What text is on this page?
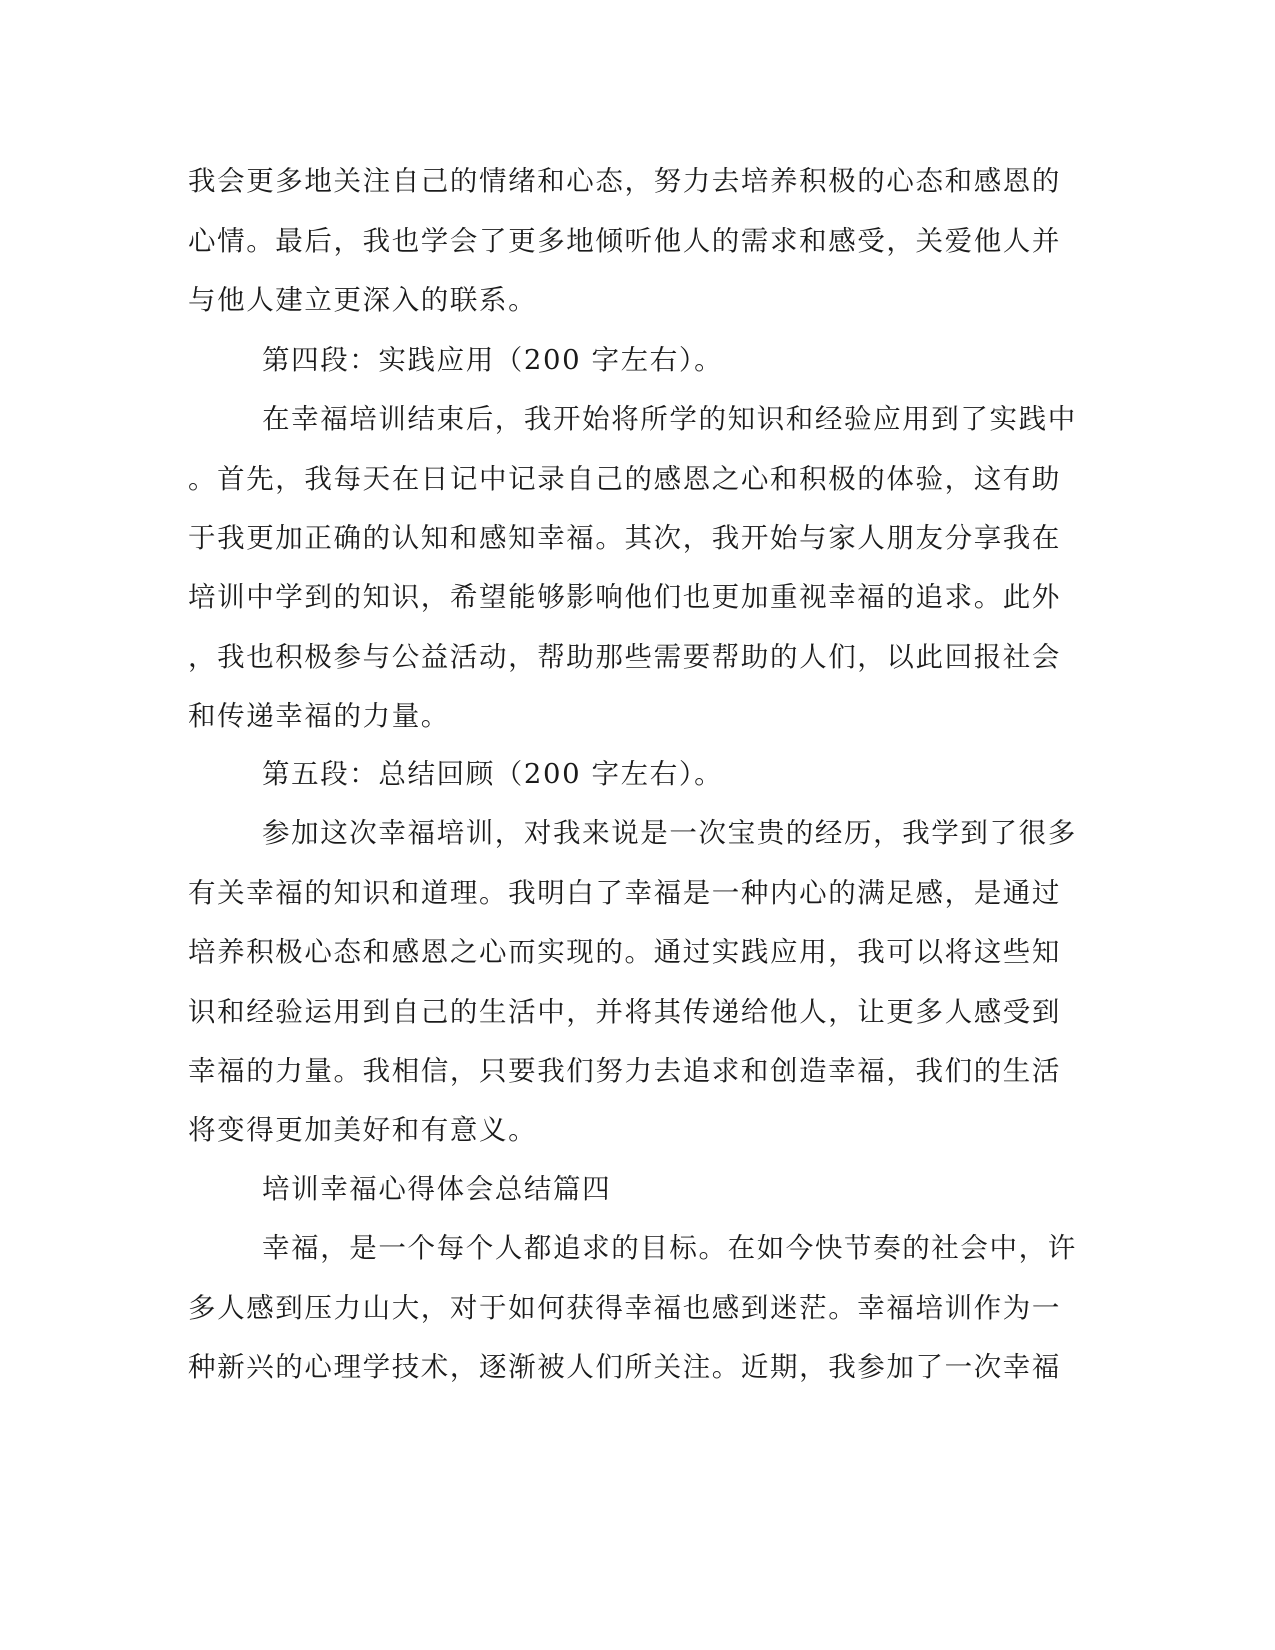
我会更多地关注自己的情绪和心态，努力去培养积极的心态和感恩的
心情。最后，我也学会了更多地倾听他人的需求和感受，关爱他人并
与他人建立更深入的联系。
第四段：实践应用（200 字左右）。
在幸福培训结束后，我开始将所学的知识和经验应用到了实践中
。首先，我每天在日记中记录自己的感恩之心和积极的体验，这有助
于我更加正确的认知和感知幸福。其次，我开始与家人朋友分享我在
培训中学到的知识，希望能够影响他们也更加重视幸福的追求。此外
，我也积极参与公益活动，帮助那些需要帮助的人们，以此回报社会
和传递幸福的力量。
第五段：总结回顾（200 字左右）。
参加这次幸福培训，对我来说是一次宝贵的经历，我学到了很多
有关幸福的知识和道理。我明白了幸福是一种内心的满足感，是通过
培养积极心态和感恩之心而实现的。通过实践应用，我可以将这些知
识和经验运用到自己的生活中，并将其传递给他人，让更多人感受到
幸福的力量。我相信，只要我们努力去追求和创造幸福，我们的生活
将变得更加美好和有意义。
培训幸福心得体会总结篇四
幸福，是一个每个人都追求的目标。在如今快节奏的社会中，许
多人感到压力山大，对于如何获得幸福也感到迷茫。幸福培训作为一
种新兴的心理学技术，逐渐被人们所关注。近期，我参加了一次幸福
